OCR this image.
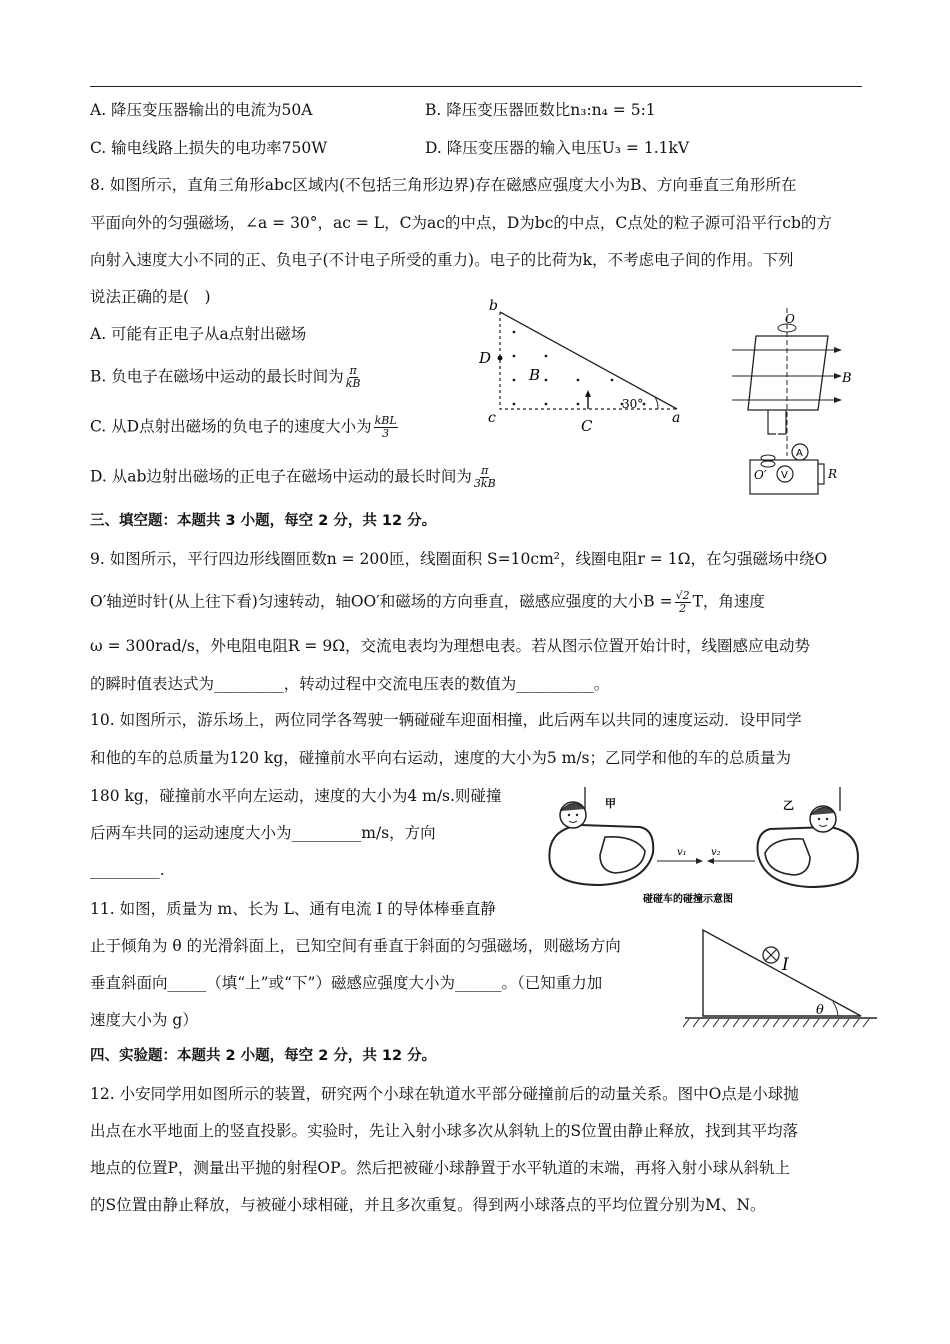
A. 降压变压器输出的电流为50A	B. 降压变压器匝数比n₃:n₄ = 5:1
C. 输电线路上损失的电功率750W	D. 降压变压器的输入电压U₃ = 1.1kV
8. 如图所示，直角三角形abc区域内(不包括三角形边界)存在磁感应强度大小为B、方向垂直三角形所在
平面向外的匀强磁场，∠a = 30°，ac = L，C为ac的中点，D为bc的中点，C点处的粒子源可沿平行cb的方
向射入速度大小不同的正、负电子(不计电子所受的重力)。电子的比荷为k，不考虑电子间的作用。下列
说法正确的是(　)
A. 可能有正电子从a点射出磁场
B. 负电子在磁场中运动的最长时间为 $\frac{\pi}{kB}$
C. 从D点射出磁场的负电子的速度大小为 $\frac{\text{kBL}}{3}$
D. 从ab边射出磁场的正电子在磁场中运动的最长时间为 $\frac{\pi}{3kB}$
b
D
B
c	C
30°
a
O
B
A
V	R
O′
三、填空题：本题共 3 小题，每空 2 分，共 12 分。
9. 如图所示，平行四边形线圈匝数n = 200匝，线圈面积 S=10cm²，线圈电阻r = 1Ω，在匀强磁场中绕O
O′轴逆时针(从上往下看)匀速转动，轴OO′和磁场的方向垂直，磁感应强度的大小$B = \frac{√2}{2}$ T，角速度
ω = 300rad/s，外电阻电阻R = 9Ω，交流电表均为理想电表。若从图示位置开始计时，线圈感应电动势
的瞬时值表达式为_________，转动过程中交流电压表的数值为__________。
10. 如图所示，游乐场上，两位同学各驾驶一辆碰碰车迎面相撞，此后两车以共同的速度运动．设甲同学
和他的车的总质量为120 kg，碰撞前水平向右运动，速度的大小为5 m/s；乙同学和他的车的总质量为
180 kg，碰撞前水平向左运动，速度的大小为4 m/s.则碰撞
后两车共同的运动速度大小为_________m/s，方向
_________.
甲	乙
v₁ v₂
碰碰车的碰撞示意图
11. 如图，质量为 m、长为 L、通有电流 I 的导体棒垂直静
止于倾角为 θ 的光滑斜面上，已知空间有垂直于斜面的匀强磁场，则磁场方向
垂直斜面向_____（填“上”或“下”）磁感应强度大小为______。（已知重力加
速度大小为 g）
I
θ
四、实验题：本题共 2 小题，每空 2 分，共 12 分。
12. 小安同学用如图所示的装置，研究两个小球在轨道水平部分碰撞前后的动量关系。图中O点是小球抛
出点在水平地面上的竖直投影。实验时，先让入射小球多次从斜轨上的S位置由静止释放，找到其平均落
地点的位置P，测量出平抛的射程OP。然后把被碰小球静置于水平轨道的末端，再将入射小球从斜轨上
的S位置由静止释放，与被碰小球相碰，并且多次重复。得到两小球落点的平均位置分别为M、N。
